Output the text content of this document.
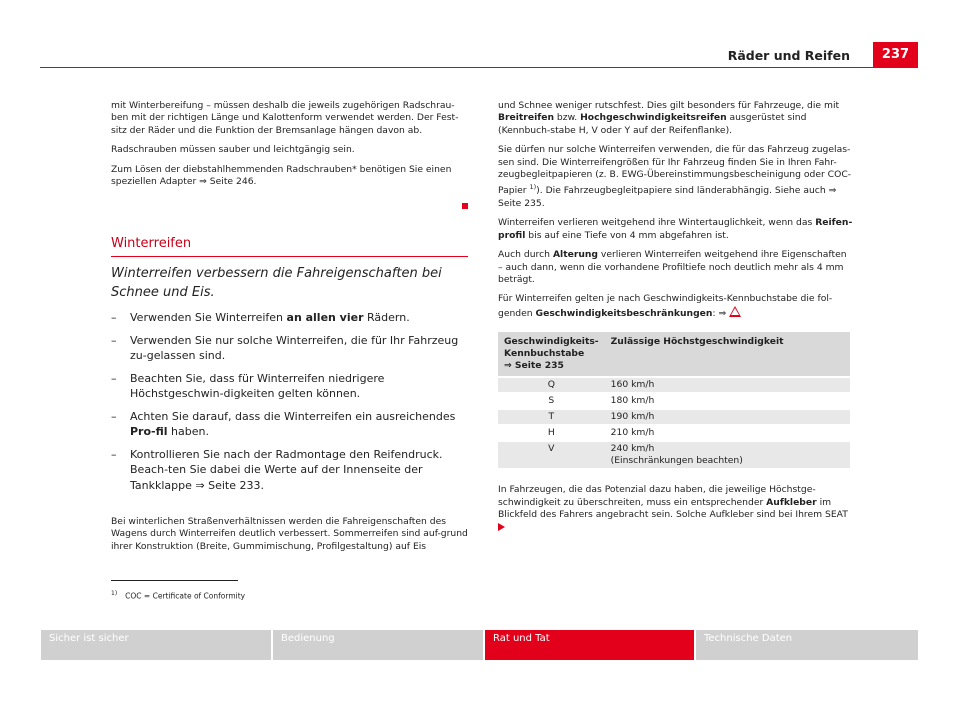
Räder und Reifen	237

mit Winterbereifung – müssen deshalb die jeweils zugehörigen Radschrau-ben mit der richtigen Länge und Kalottenform verwendet werden. Der Fest-sitz der Räder und die Funktion der Bremsanlage hängen davon ab.

Radschrauben müssen sauber und leichtgängig sein.

Zum Lösen der diebstahlhemmenden Radschrauben* benötigen Sie einen speziellen Adapter ⇒ Seite 246.

Winterreifen
Winterreifen verbessern die Fahreigenschaften bei Schnee und Eis.
– Verwenden Sie Winterreifen an allen vier Rädern.
– Verwenden Sie nur solche Winterreifen, die für Ihr Fahrzeug zu-gelassen sind.
– Beachten Sie, dass für Winterreifen niedrigere Höchstgeschwin-digkeiten gelten können.
– Achten Sie darauf, dass die Winterreifen ein ausreichendes Pro-fil haben.
– Kontrollieren Sie nach der Radmontage den Reifendruck. Beach-ten Sie dabei die Werte auf der Innenseite der Tankklappe ⇒ Seite 233.
Bei winterlichen Straßenverhältnissen werden die Fahreigenschaften des Wagens durch Winterreifen deutlich verbessert. Sommerreifen sind auf-grund ihrer Konstruktion (Breite, Gummimischung, Profilgestaltung) auf Eis

und Schnee weniger rutschfest. Dies gilt besonders für Fahrzeuge, die mit Breitreifen bzw. Hochgeschwindigkeitsreifen ausgerüstet sind (Kennbuch-stabe H, V oder Y auf der Reifenflanke).

Sie dürfen nur solche Winterreifen verwenden, die für das Fahrzeug zugelas-sen sind. Die Winterreifengrößen für Ihr Fahrzeug finden Sie in Ihren Fahr-zeugbegleitpapieren (z. B. EWG-Übereinstimmungsbescheinigung oder COC-Papier $^{1)}$). Die Fahrzeugbegleitpapiere sind länderabhängig. Siehe auch ⇒ Seite 235.

Winterreifen verlieren weitgehend ihre Wintertauglichkeit, wenn das Reifen-profil bis auf eine Tiefe von 4 mm abgefahren ist.

Auch durch Alterung verlieren Winterreifen weitgehend ihre Eigenschaften – auch dann, wenn die vorhandene Profiltiefe noch deutlich mehr als 4 mm beträgt.

Für Winterreifen gelten je nach Geschwindigkeits-Kennbuchstabe die fol-genden Geschwindigkeitsbeschränkungen: ⇒

Geschwindigkeits-
Kennbuchstabe
⇒ Seite 235	Zulässige Höchstgeschwindigkeit
Q	160 km/h
S	180 km/h
T	190 km/h
H	210 km/h
V	240 km/h
(Einschränkungen beachten)

In Fahrzeugen, die das Potenzial dazu haben, die jeweilige Höchstge-schwindigkeit zu überschreiten, muss ein entsprechender Aufkleber im Blickfeld des Fahrers angebracht sein. Solche Aufkleber sind bei Ihrem SEAT

$^{1)}$ COC = Certificate of Conformity
Sicher ist sicher	Bedienung	Rat und Tat	Technische Daten
